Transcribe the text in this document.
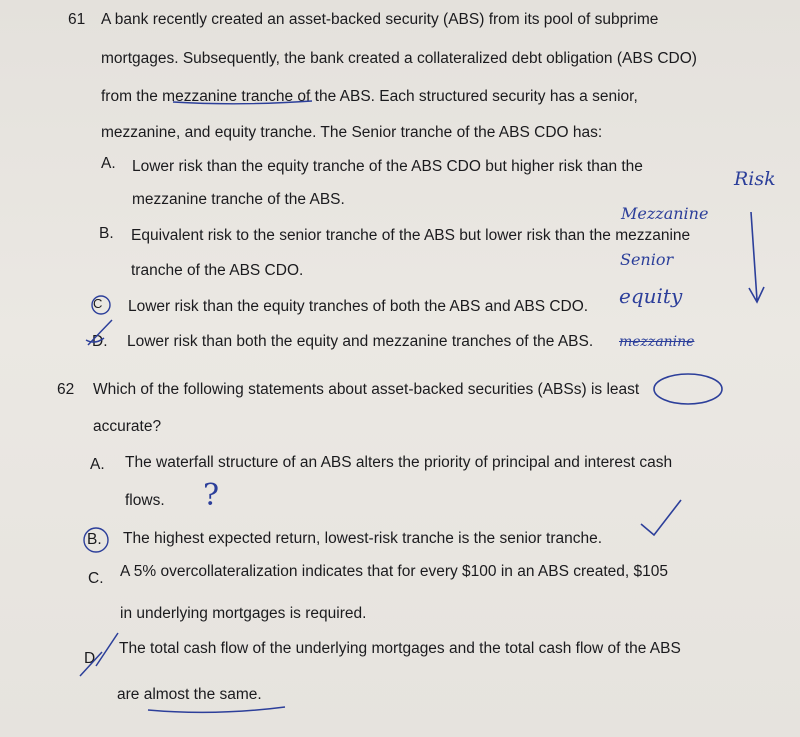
61 A bank recently created an asset-backed security (ABS) from its pool of subprime
mortgages. Subsequently, the bank created a collateralized debt obligation (ABS CDO)
from the mezzanine tranche of the ABS. Each structured security has a senior,
mezzanine, and equity tranche. The Senior tranche of the ABS CDO has:
A. Lower risk than the equity tranche of the ABS CDO but higher risk than the
mezzanine tranche of the ABS.
B. Equivalent risk to the senior tranche of the ABS but lower risk than the mezzanine
tranche of the ABS CDO.
C Lower risk than the equity tranches of both the ABS and ABS CDO.
D. Lower risk than both the equity and mezzanine tranches of the ABS.
62 Which of the following statements about asset-backed securities (ABSs) is least
accurate?
A. The waterfall structure of an ABS alters the priority of principal and interest cash
flows.
B. The highest expected return, lowest-risk tranche is the senior tranche.
C. A 5% overcollateralization indicates that for every $100 in an ABS created, $105
in underlying mortgages is required.
D
The total cash flow of the underlying mortgages and the total cash flow of the ABS
are almost the same.
Risk
Mezzanine
Senior
equity
mezzanine
?
